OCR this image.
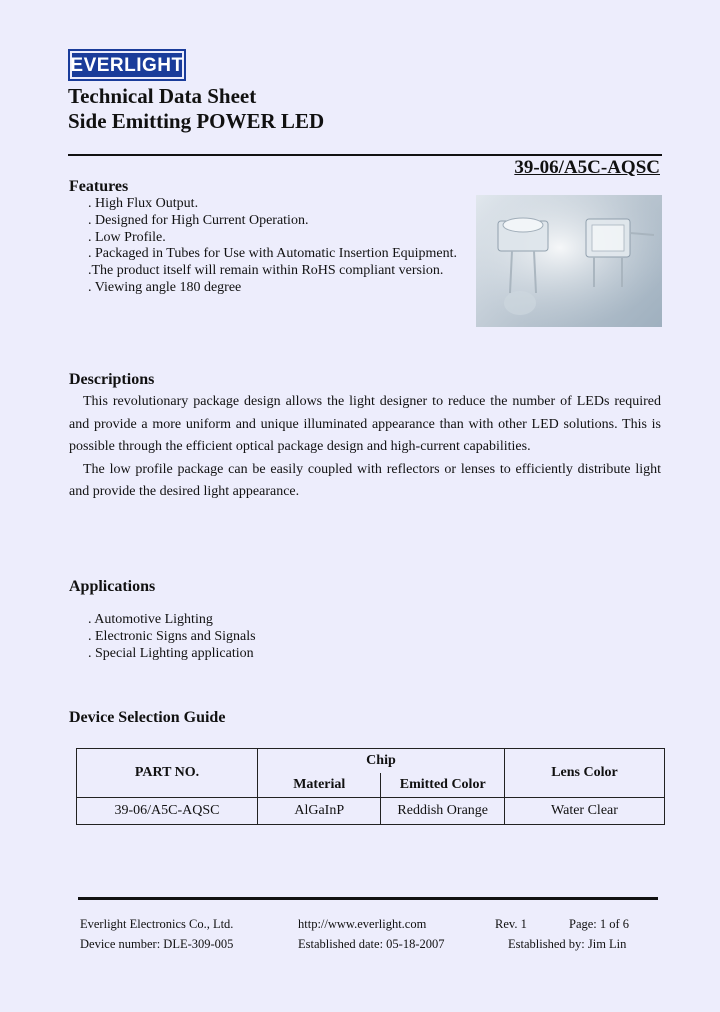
EVERLIGHT
Technical Data Sheet
Side Emitting POWER LED
39-06/A5C-AQSC
Features
. High Flux Output.
. Designed for High Current Operation.
. Low Profile.
. Packaged in Tubes for Use with Automatic Insertion Equipment.
.The product itself will remain within RoHS compliant version.
. Viewing angle 180 degree
Descriptions

This revolutionary package design allows the light designer to reduce the number of LEDs required and provide a more uniform and unique illuminated appearance than with other LED solutions. This is possible through the efficient optical package design and high-current capabilities.

The low profile package can be easily coupled with reflectors or lenses to efficiently distribute light and provide the desired light appearance.

Applications
. Automotive Lighting
. Electronic Signs and Signals
. Special Lighting application
Device Selection Guide
PART NO.	Chip		Lens Color
	Material	Emitted Color	
39-06/A5C-AQSC	AlGaInP	Reddish Orange	Water Clear
Everlight Electronics Co., Ltd.	http://www.everlight.com	Rev. 1	Page: 1 of 6
Device number: DLE-309-005	Established date: 05-18-2007	Established by: Jim Lin
